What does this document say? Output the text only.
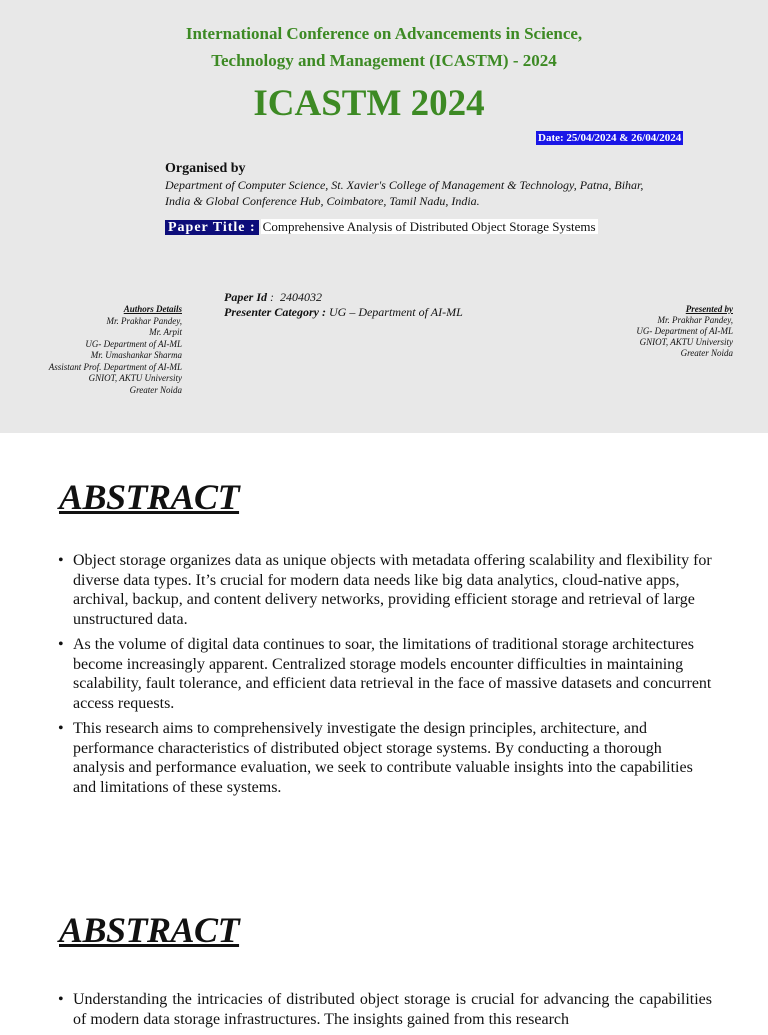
International Conference on Advancements in Science,
Technology and Management (ICASTM) - 2024
ICASTM 2024
Date: 25/04/2024 & 26/04/2024
Organised by
Department of Computer Science, St. Xavier's College of Management & Technology, Patna, Bihar,
India & Global Conference Hub, Coimbatore, Tamil Nadu, India.
Paper Title : Comprehensive Analysis of Distributed Object Storage Systems
Paper Id :  2404032
Presenter Category : UG – Department of AI-ML
Authors Details
Mr. Prakhar Pandey,
Mr. Arpit
UG- Department of AI-ML
Mr. Umashankar Sharma
Assistant Prof. Department of AI-ML
GNIOT, AKTU University
Greater Noida
Presented by
Mr. Prakhar Pandey,
UG- Department of AI-ML
GNIOT, AKTU University
Greater Noida
ABSTRACT
• Object storage organizes data as unique objects with metadata offering scalability and flexibility for diverse data types. It’s crucial for modern data needs like big data analytics, cloud-native apps, archival, backup, and content delivery networks, providing efficient storage and retrieval of large unstructured data.
• As the volume of digital data continues to soar, the limitations of traditional storage architectures become increasingly apparent. Centralized storage models encounter difficulties in maintaining scalability, fault tolerance, and efficient data retrieval in the face of massive datasets and concurrent access requests.
• This research aims to comprehensively investigate the design principles, architecture, and performance characteristics of distributed object storage systems. By conducting a thorough analysis and performance evaluation, we seek to contribute valuable insights into the capabilities and limitations of these systems.
ABSTRACT
• Understanding the intricacies of distributed object storage is crucial for advancing the capabilities of modern data storage infrastructures. The insights gained from this research
